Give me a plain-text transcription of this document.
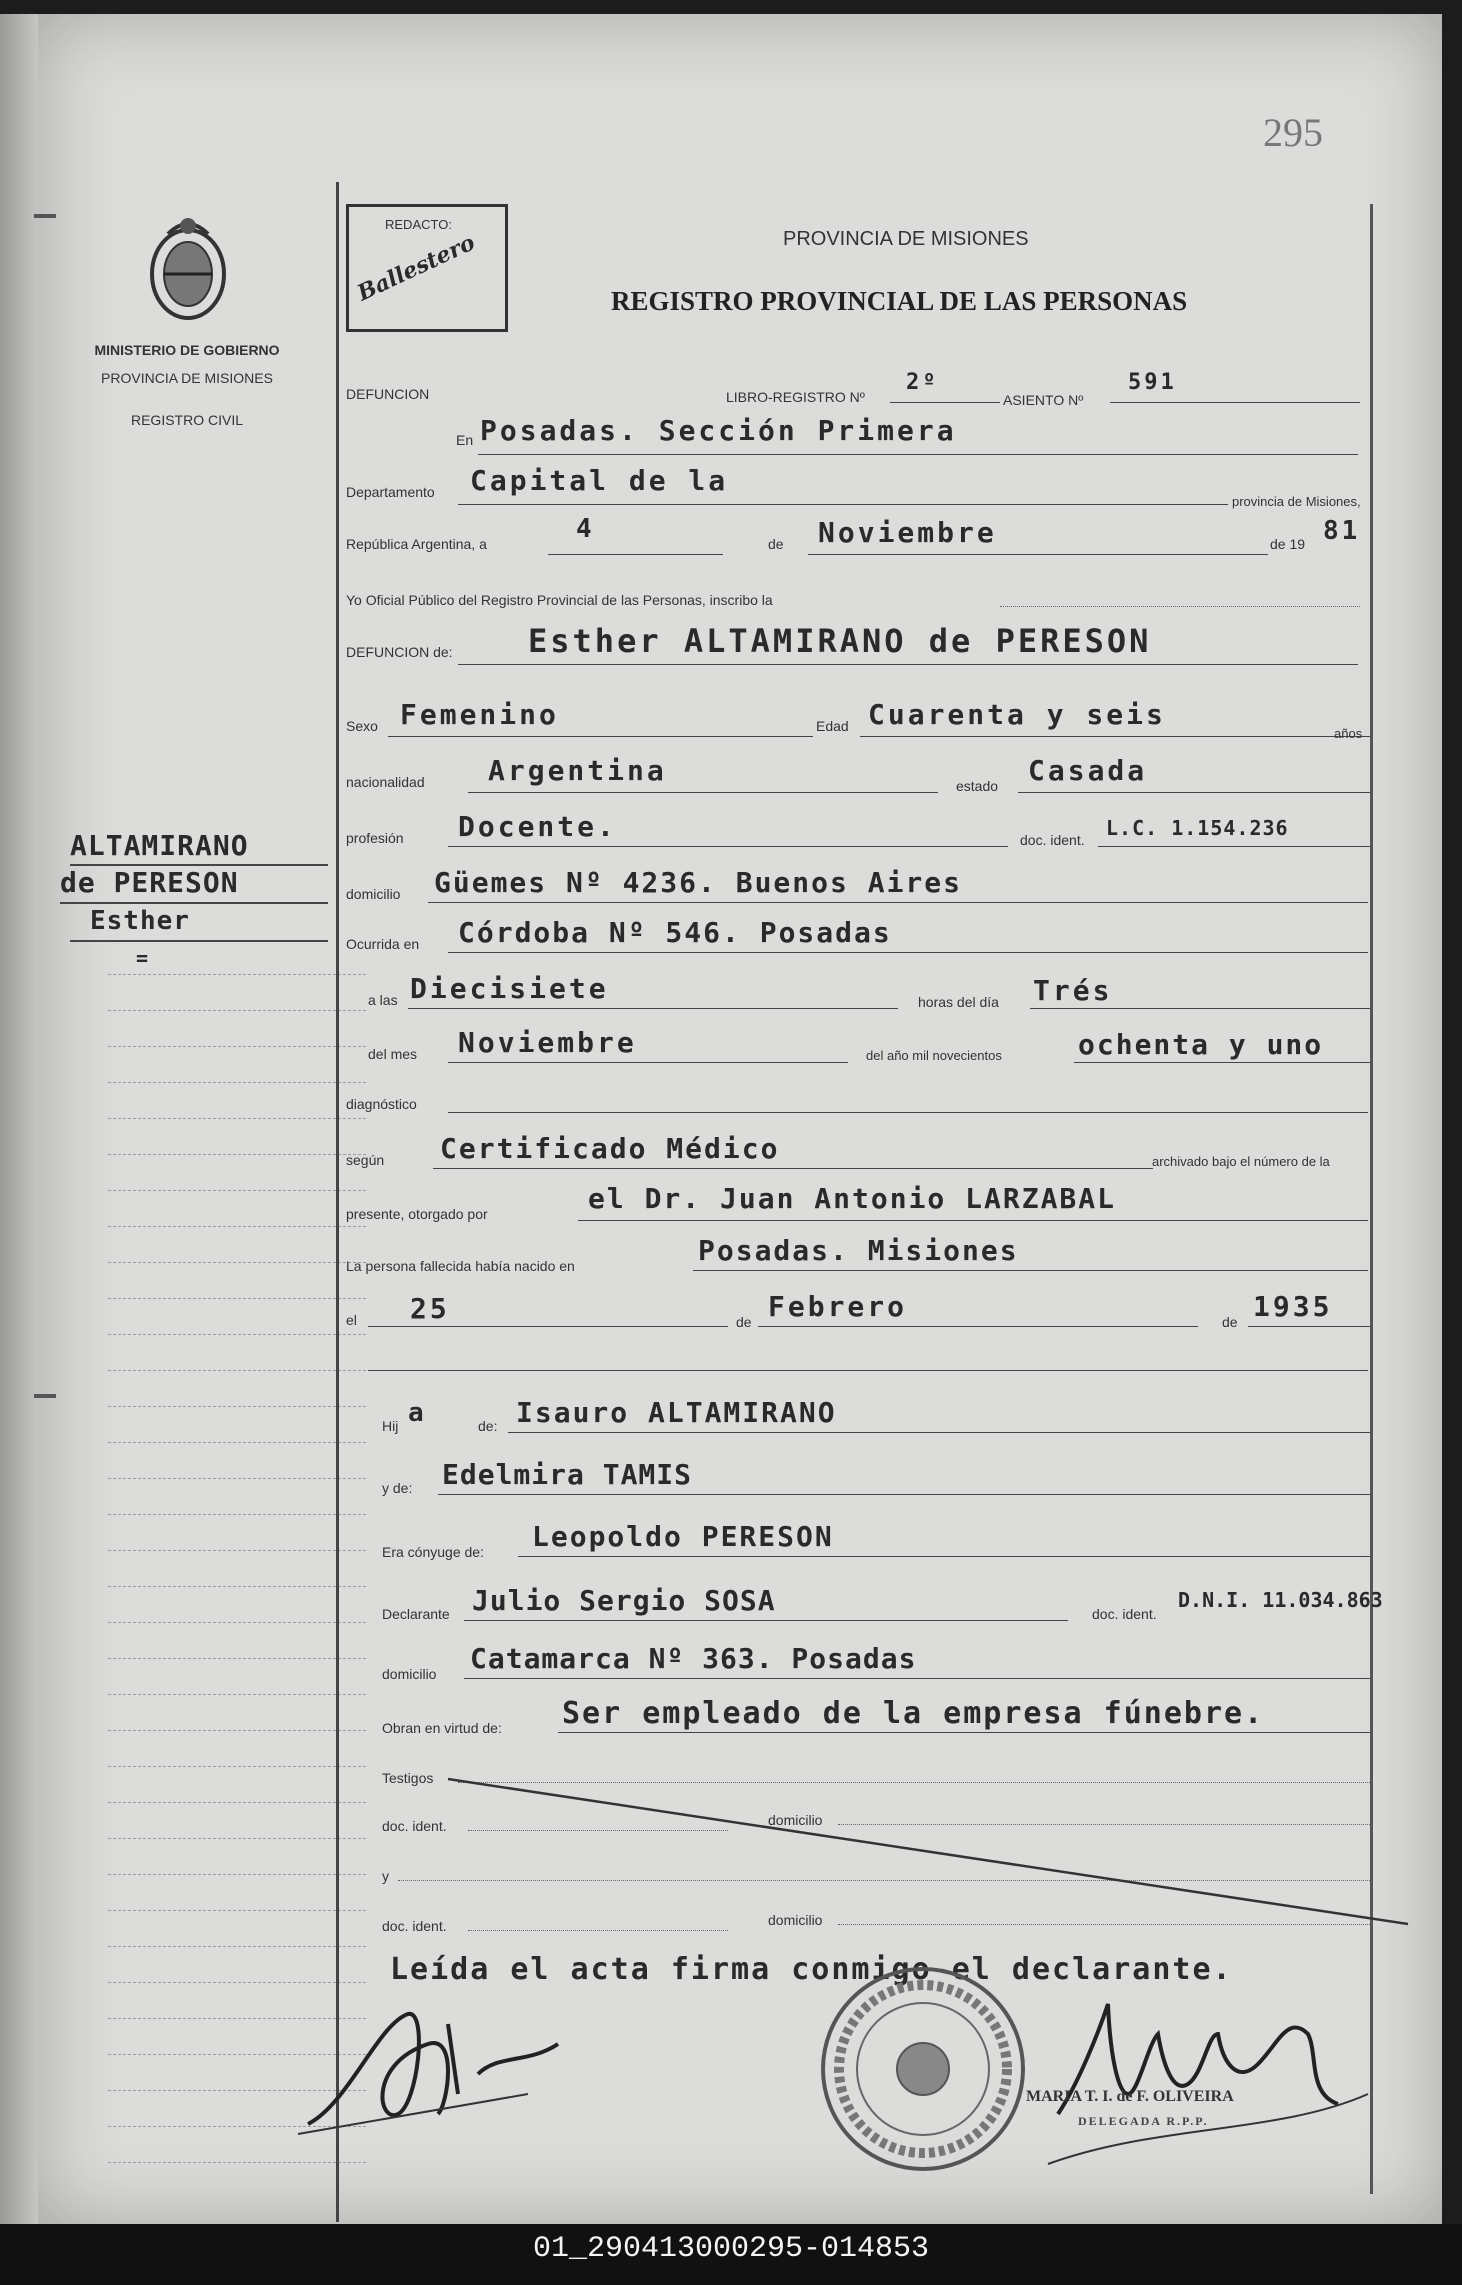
295
MINISTERIO DE GOBIERNO
PROVINCIA DE MISIONES
REGISTRO CIVIL
ALTAMIRANO
de PERESON
Esther
=
REDACTO:
Ballestero	PROVINCIA DE MISIONES
REGISTRO PROVINCIAL DE LAS PERSONAS
DEFUNCION	LIBRO-REGISTRO Nº
2º
ASIENTO Nº
591
En Posadas. Sección Primera
Departamento Capital de la
provincia de Misiones,
República Argentina, a	4	de Noviembre	de 19 81
Yo Oficial Público del Registro Provincial de las Personas, inscribo la
DEFUNCION de: Esther ALTAMIRANO de PERESON
Sexo Femenino	Edad Cuarenta y seis
años
nacionalidad Argentina	estado Casada
profesión Docente.	doc. ident. L.C. 1.154.236
domicilio Güemes Nº 4236. Buenos Aires
Ocurrida en Córdoba Nº 546. Posadas
a las Diecisiete	horas del día Trés
del mes Noviembre	del año mil novecientos	ochenta y uno
diagnóstico
según Certificado Médico	archivado bajo el número de la
presente, otorgado por	el Dr. Juan Antonio LARZABAL
La persona fallecida había nacido en	Posadas. Misiones
el 25	de Febrero	de 1935
Hij a	de: Isauro ALTAMIRANO
y de: Edelmira TAMIS
Era cónyuge de: Leopoldo PERESON
Declarante Julio Sergio SOSA	doc. ident.
D.N.I. 11.034.863
domicilio Catamarca Nº 363. Posadas
Obran en virtud de: Ser empleado de la empresa fúnebre.
Testigos
doc. ident.	domicilio
y
doc. ident.	domicilio
Leída el acta firma conmigo el declarante.
MARIA T. I. de F. OLIVEIRA
DELEGADA R.P.P.
01_290413000295-014853
